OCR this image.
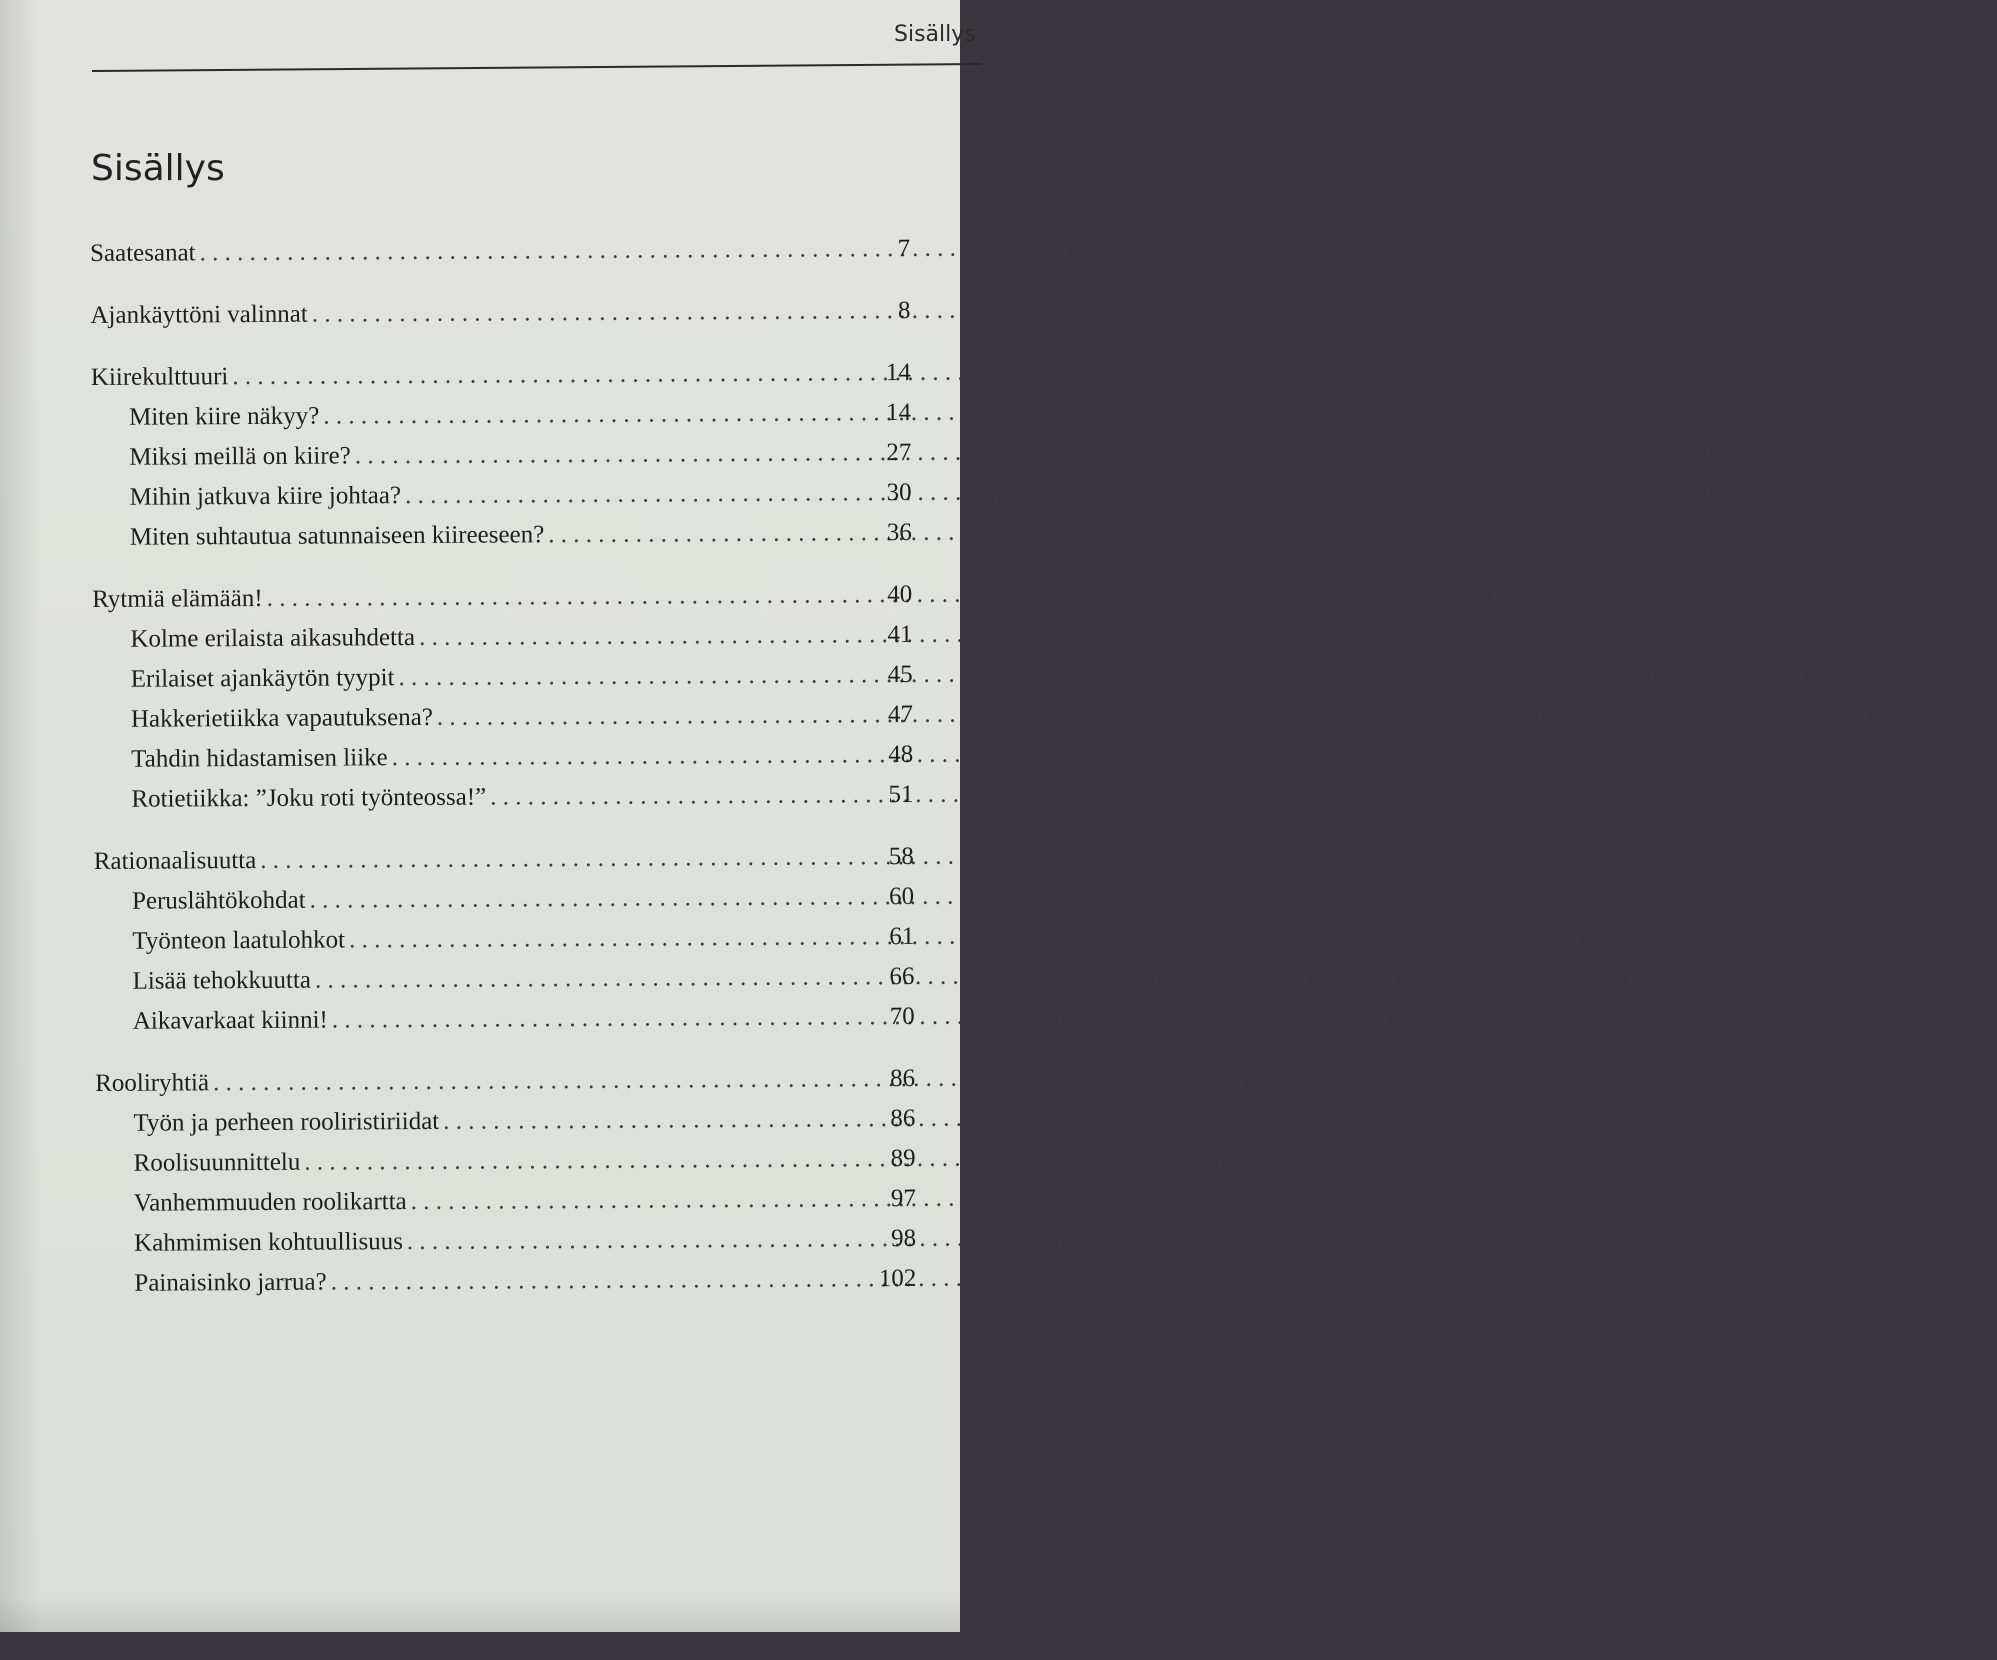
Sisällys
Sisällys
Saatesanat . . .	7
Ajankäyttöni valinnat . . .	8
Kiirekulttuuri . . .	14
Miten kiire näkyy? . . .	14
Miksi meillä on kiire? . . .	27
Mihin jatkuva kiire johtaa? . . .	30
Miten suhtautua satunnaiseen kiireeseen? . . .	36
Rytmiä elämään! . . .	40
Kolme erilaista aikasuhdetta . . .	41
Erilaiset ajankäytön tyypit . . .	45
Hakkerietiikka vapautuksena? . . .	47
Tahdin hidastamisen liike . . .	48
Rotietiikka: ”Joku roti työnteossa!” . . .	51
Rationaalisuutta . . .	58
Peruslähtökohdat . . .	60
Työnteon laatulohkot . . .	61
Lisää tehokkuutta . . .	66
Aikavarkaat kiinni! . . .	70
Rooliryhtiä . . .	86
Työn ja perheen rooliristiriidat . . .	86
Roolisuunnittelu . . .	89
Vanhemmuuden roolikartta . . .	97
Kahmimisen kohtuullisuus . . .	98
Painaisinko jarrua? . . .	102
